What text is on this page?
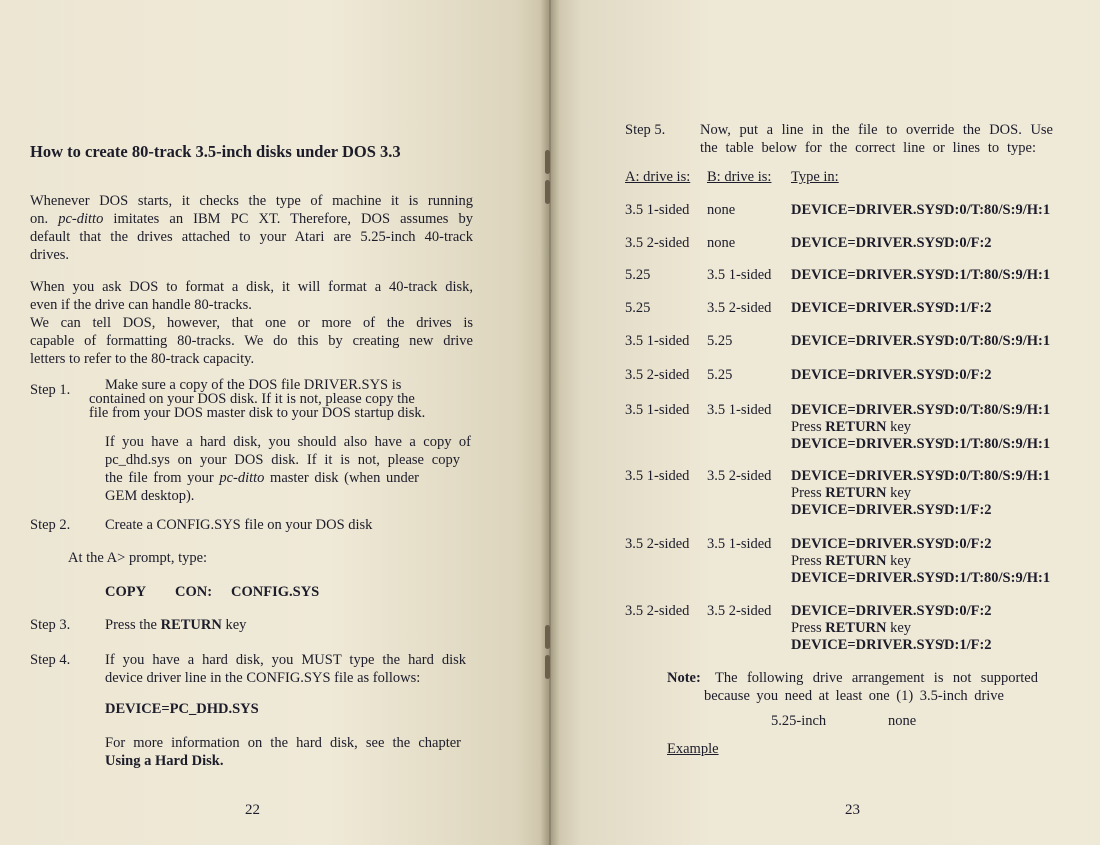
How to create 80-track 3.5-inch disks under DOS 3.3
Whenever DOS starts, it checks the type of machine it is running
on. pc-ditto imitates an IBM PC XT. Therefore, DOS assumes by
default that the drives attached to your Atari are 5.25-inch 40-track
drives.
When you ask DOS to format a disk, it will format a 40-track disk,
even if the drive can handle 80-tracks.
We can tell DOS, however, that one or more of the drives is
capable of formatting 80-tracks. We do this by creating new drive
letters to refer to the 80-track capacity.
Step 1. Make sure a copy of the DOS file DRIVER.SYS is
contained on your DOS disk. If it is not, please copy the
file from your DOS master disk to your DOS startup disk.
If you have a hard disk, you should also have a copy of
pc_dhd.sys on your DOS disk. If it is not, please copy
the file from your pc-ditto master disk (when under
GEM desktop).
Step 2. Create a CONFIG.SYS file on your DOS disk
At the A> prompt, type:
COPY CON: CONFIG.SYS
Step 3. Press the RETURN key
Step 4. If you have a hard disk, you MUST type the hard disk
device driver line in the CONFIG.SYS file as follows:
DEVICE=PC_DHD.SYS
For more information on the hard disk, see the chapter
Using a Hard Disk.
22
Step 5. Now, put a line in the file to override the DOS. Use
the table below for the correct line or lines to type:
A: drive is: B: drive is: Type in:
3.5 1-sided none	DEVICE=DRIVER.SYS
/D:0/T:80/S:9/H:1
3.5 2-sided none	DEVICE=DRIVER.SYS
/D:0/F:2
5.25	3.5 1-sided DEVICE=DRIVER.SYS
/D:1/T:80/S:9/H:1
5.25	3.5 2-sided DEVICE=DRIVER.SYS
/D:1/F:2
3.5 1-sided 5.25	DEVICE=DRIVER.SYS
/D:0/T:80/S:9/H:1
3.5 2-sided 5.25	DEVICE=DRIVER.SYS
/D:0/F:2
3.5 1-sided 3.5 1-sided DEVICE=DRIVER.SYS
/D:0/T:80/S:9/H:1
Press RETURN key
DEVICE=DRIVER.SYS
/D:1/T:80/S:9/H:1
3.5 1-sided 3.5 2-sided DEVICE=DRIVER.SYS
/D:0/T:80/S:9/H:1
Press RETURN key
DEVICE=DRIVER.SYS
/D:1/F:2
3.5 2-sided 3.5 1-sided DEVICE=DRIVER.SYS
/D:0/F:2
Press RETURN key
DEVICE=DRIVER.SYS
/D:1/T:80/S:9/H:1
3.5 2-sided 3.5 2-sided DEVICE=DRIVER.SYS
/D:0/F:2
Press RETURN key
DEVICE=DRIVER.SYS
/D:1/F:2
Note: The following drive arrangement is not supported
because you need at least one (1) 3.5-inch drive
5.25-inch	none
Example
23
